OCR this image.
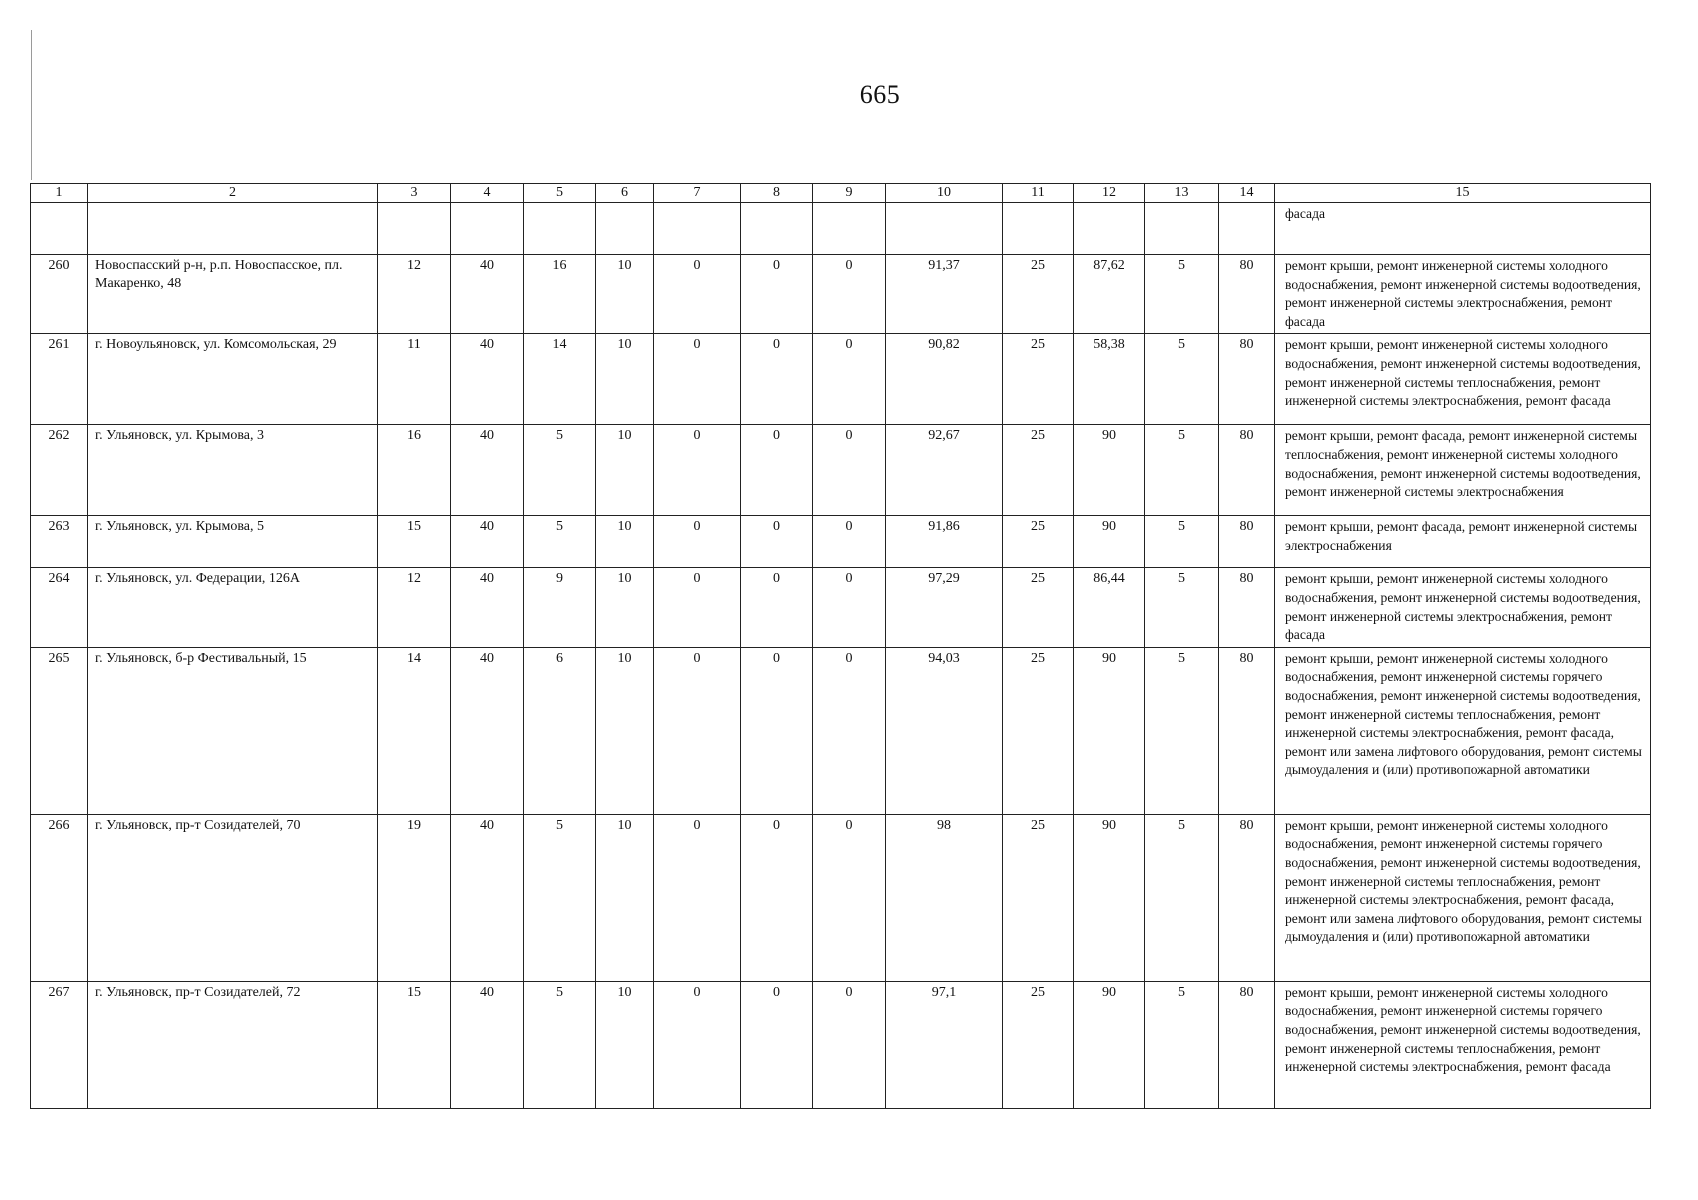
665
1	2	3	4	5	6	7	8	9	10	11	12	13	14	15
														фасада
260	Новоспасский р-н, р.п. Новоспасское, пл. Макаренко, 48	12	40	16	10	0	0	0	91,37	25	87,62	5	80	ремонт крыши, ремонт инженерной системы холодного водоснабжения, ремонт инженерной системы водоотведения, ремонт инженерной системы электроснабжения, ремонт фасада
261	г. Новоульяновск, ул. Комсомольская, 29	11	40	14	10	0	0	0	90,82	25	58,38	5	80	ремонт крыши, ремонт инженерной системы холодного водоснабжения, ремонт инженерной системы водоотведения, ремонт инженерной системы теплоснабжения, ремонт инженерной системы электроснабжения, ремонт фасада
262	г. Ульяновск, ул. Крымова, 3	16	40	5	10	0	0	0	92,67	25	90	5	80	ремонт крыши, ремонт фасада, ремонт инженерной системы теплоснабжения, ремонт инженерной системы холодного водоснабжения, ремонт инженерной системы водоотведения, ремонт инженерной системы электроснабжения
263	г. Ульяновск, ул. Крымова, 5	15	40	5	10	0	0	0	91,86	25	90	5	80	ремонт крыши, ремонт фасада, ремонт инженерной системы электроснабжения
264	г. Ульяновск, ул. Федерации, 126А	12	40	9	10	0	0	0	97,29	25	86,44	5	80	ремонт крыши, ремонт инженерной системы холодного водоснабжения, ремонт инженерной системы водоотведения, ремонт инженерной системы электроснабжения, ремонт фасада
265	г. Ульяновск, б-р Фестивальный, 15	14	40	6	10	0	0	0	94,03	25	90	5	80	ремонт крыши, ремонт инженерной системы холодного водоснабжения, ремонт инженерной системы горячего водоснабжения, ремонт инженерной системы водоотведения, ремонт инженерной системы теплоснабжения, ремонт инженерной системы электроснабжения, ремонт фасада, ремонт или замена лифтового оборудования, ремонт системы дымоудаления и (или) противопожарной автоматики
266	г. Ульяновск, пр-т Созидателей, 70	19	40	5	10	0	0	0	98	25	90	5	80	ремонт крыши, ремонт инженерной системы холодного водоснабжения, ремонт инженерной системы горячего водоснабжения, ремонт инженерной системы водоотведения, ремонт инженерной системы теплоснабжения, ремонт инженерной системы электроснабжения, ремонт фасада, ремонт или замена лифтового оборудования, ремонт системы дымоудаления и (или) противопожарной автоматики
267	г. Ульяновск, пр-т Созидателей, 72	15	40	5	10	0	0	0	97,1	25	90	5	80	ремонт крыши, ремонт инженерной системы холодного водоснабжения, ремонт инженерной системы горячего водоснабжения, ремонт инженерной системы водоотведения, ремонт инженерной системы теплоснабжения, ремонт инженерной системы электроснабжения, ремонт фасада
